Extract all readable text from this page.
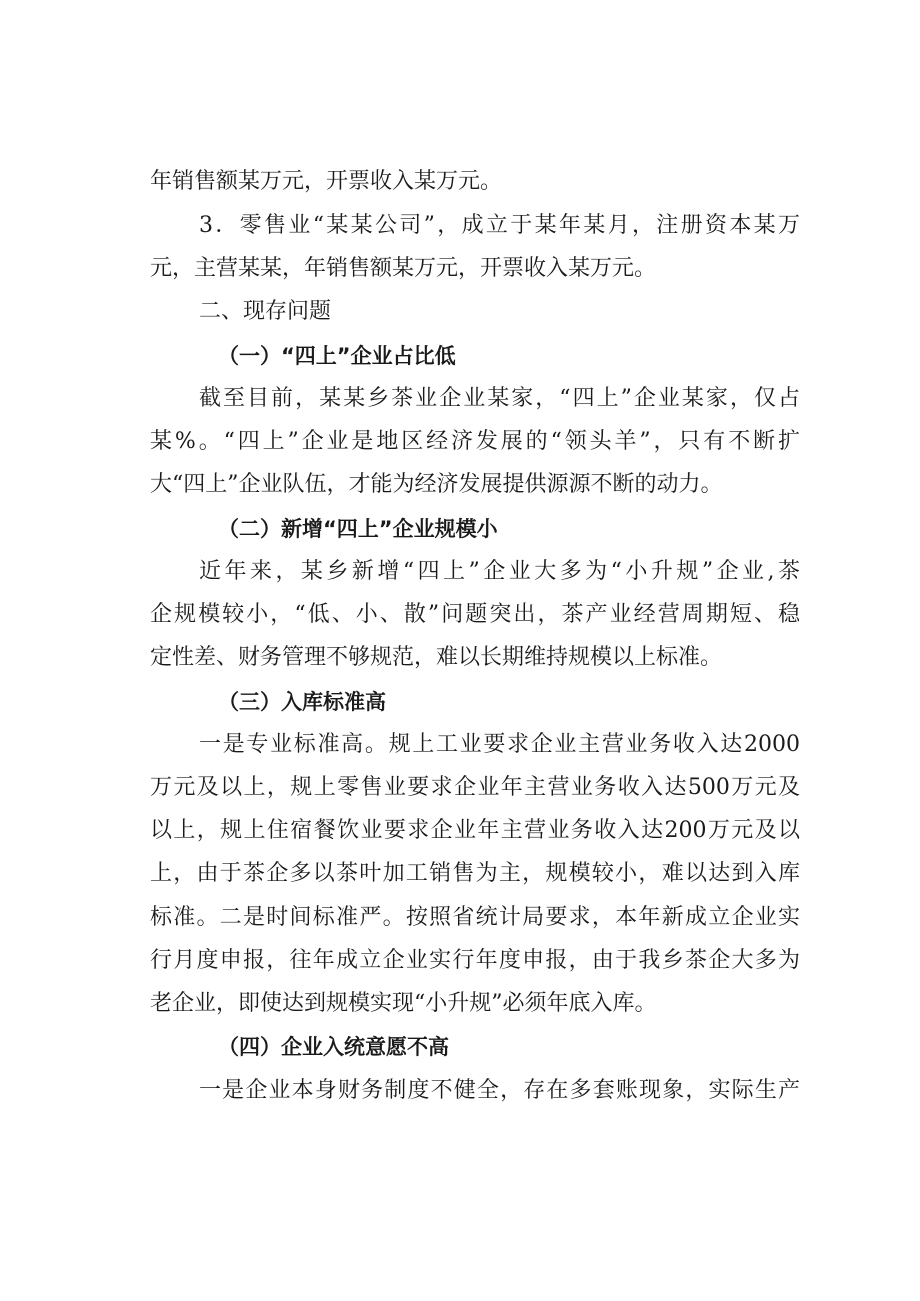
年销售额某万元，开票收入某万元。
3．零售业“某某公司”，成立于某年某月，注册资本某万
元，主营某某，年销售额某万元，开票收入某万元。
二、现存问题
（一）“四上”企业占比低
截至目前，某某乡茶业企业某家，“四上”企业某家，仅占
某%。“四上”企业是地区经济发展的“领头羊”，只有不断扩
大“四上”企业队伍，才能为经济发展提供源源不断的动力。
（二）新增“四上”企业规模小
近年来，某乡新增“四上”企业大多为“小升规”企业,茶
企规模较小，“低、小、散”问题突出，茶产业经营周期短、稳
定性差、财务管理不够规范，难以长期维持规模以上标准。
（三）入库标准高
一是专业标准高。规上工业要求企业主营业务收入达2000
万元及以上，规上零售业要求企业年主营业务收入达500万元及
以上，规上住宿餐饮业要求企业年主营业务收入达200万元及以
上，由于茶企多以茶叶加工销售为主，规模较小，难以达到入库
标准。二是时间标准严。按照省统计局要求，本年新成立企业实
行月度申报，往年成立企业实行年度申报，由于我乡茶企大多为
老企业，即使达到规模实现“小升规”必须年底入库。
（四）企业入统意愿不高
一是企业本身财务制度不健全，存在多套账现象，实际生产
